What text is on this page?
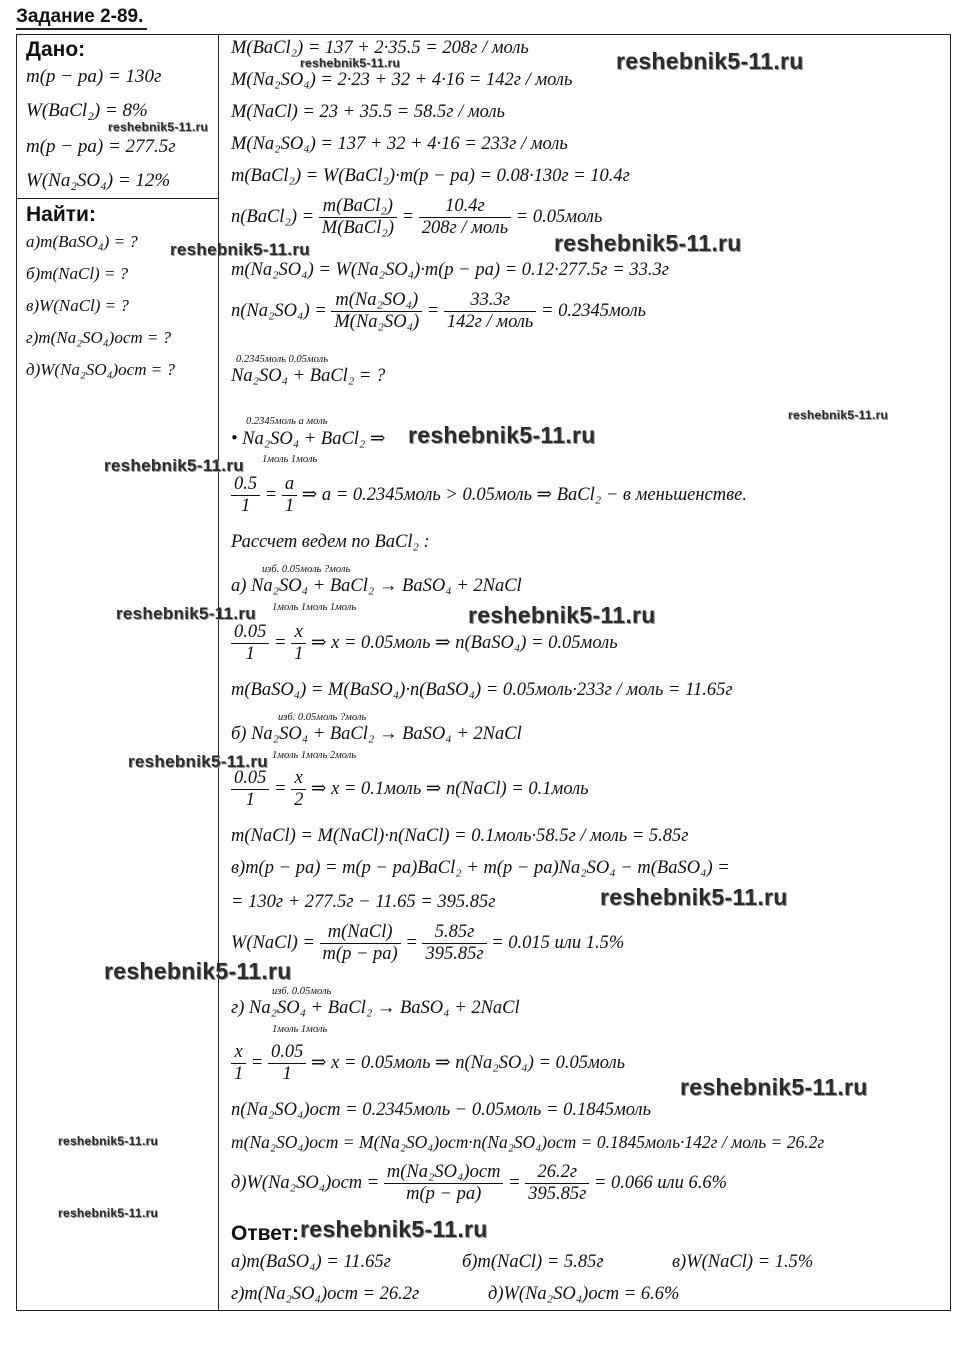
Задание 2-89.
Дано:
m(p − pa) = 130г
W(BaCl₂) = 8%
m(p − pa) = 277.5г
W(Na₂SO₄) = 12%
Найти:
а)m(BaSO₄) = ?
б)m(NaCl) = ?
в)W(NaCl) = ?
г)m(Na₂SO₄)ост = ?
д)W(Na₂SO₄)ост = ?
M(BaCl₂) = 137 + 2·35.5 = 208г / моль
M(Na₂SO₄) = 2·23 + 32 + 4·16 = 142г / моль
M(NaCl) = 23 + 35.5 = 58.5г / моль
M(Na₂SO₄) = 137 + 32 + 4·16 = 233г / моль
m(BaCl₂) = W(BaCl₂)·m(p − pa) = 0.08·130г = 10.4г
n(BaCl₂) = $\frac{\text{m(BaCl₂)}}{\text{M(BaCl₂)}} = \frac{10.4г}{\text{208г / моль}}$ = 0.05моль
m(Na₂SO₄) = W(Na₂SO₄)·m(p − pa) = 0.12·277.5г = 33.3г
$n(Na_2SO_4) = \frac{\text{m(Na₂SO₄)}}{\text{M(Na₂SO₄)}} = \frac{33.3г}{\text{142г / моль}}$ = 0.2345моль
0.2345моль 0.05моль
Na₂SO₄ + BaCl₂ = ?
0.2345моль a моль
• Na₂SO₄ + BaCl₂ ⇒
1моль 1моль
$\frac{0.5}{1} = \frac{a}{1}$ ⇒ a = 0.2345моль > 0.05моль ⇒ BaCl₂ − в меньшенстве.
Рассчет ведем по BaCl₂ :
изб. 0.05моль ?моль
а) Na₂SO₄ + BaCl₂ → BaSO₄ + 2NaCl
1моль 1моль 1моль
$\frac{0.05}{1} = \frac{x}{1}$ ⇒ x = 0.05моль ⇒ n(BaSO₄) = 0.05моль
m(BaSO₄) = M(BaSO₄)·n(BaSO₄) = 0.05моль·233г / моль = 11.65г
изб. 0.05моль ?моль
б) Na₂SO₄ + BaCl₂ → BaSO₄ + 2NaCl
1моль 1моль 2моль
$\frac{0.05}{1} = \frac{x}{2}$ ⇒ x = 0.1моль ⇒ n(NaCl) = 0.1моль
m(NaCl) = M(NaCl)·n(NaCl) = 0.1моль·58.5г / моль = 5.85г
в)m(p − pa) = m(p − pa)BaCl₂ + m(p − pa)Na₂SO₄ − m(BaSO₄) =
= 130г + 277.5г − 11.65 = 395.85г
W(NaCl) = $\frac{\text{m(NaCl)}}{m(p - pa)} = \frac{5.85г}{395.85г} = 0.015$ или 1.5%
изб. 0.05моль
г) Na₂SO₄ + BaCl₂ → BaSO₄ + 2NaCl
1моль 1моль
$\frac{x}{1} = \frac{0.05}{1}$ ⇒ x = 0.05моль ⇒ n(Na₂SO₄) = 0.05моль
n(Na₂SO₄)ост = 0.2345моль − 0.05моль = 0.1845моль
m(Na₂SO₄)ост = M(Na₂SO₄)ост·n(Na₂SO₄)ост = 0.1845моль·142г / моль = 26.2г
$д)W(Na_2SO_4)ост = \frac{\text{m(Na₂SO₄)ост}}{m(p - pa)} = \frac{26.2г}{395.85г} = 0.066$ или 6.6%
Ответ:
а)m(BaSO₄) = 11.65г	б)m(NaCl) = 5.85г	в)W(NaCl) = 1.5%
г)m(Na₂SO₄)ост = 26.2г	д)W(Na₂SO₄)ост = 6.6%
reshebnik5-11.ru
reshebnik5-11.ru
reshebnik5-11.ru
reshebnik5-11.ru	reshebnik5-11.ru
reshebnik5-11.ru
reshebnik5-11.ru
reshebnik5-11.ru
reshebnik5-11.ru	reshebnik5-11.ru
reshebnik5-11.ru
reshebnik5-11.ru
reshebnik5-11.ru
reshebnik5-11.ru
reshebnik5-11.ru
reshebnik5-11.ru
reshebnik5-11.ru
